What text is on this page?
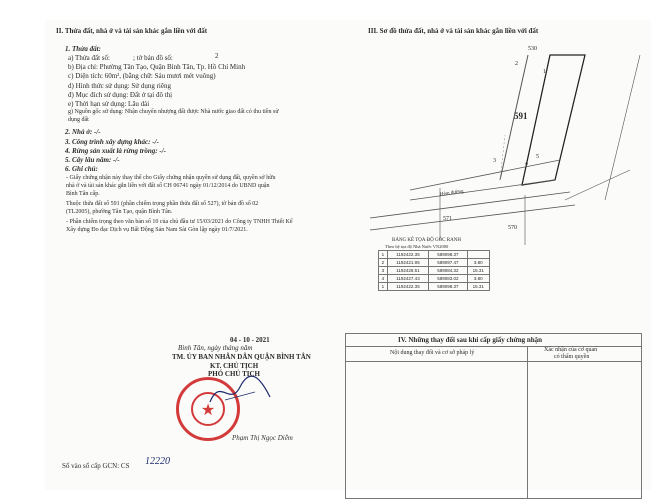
II. Thửa đất, nhà ở và tài sản khác gắn liền với đất
1. Thửa đất:
a) Thửa đất số:	; tờ bản đồ số:	2
b) Địa chỉ: Phường Tân Tạo, Quận Bình Tân, Tp. Hồ Chí Minh
c) Diện tích: 60m², (bằng chữ: Sáu mươi mét vuông)
d) Hình thức sử dụng: Sử dụng riêng
đ) Mục đích sử dụng: Đất ở tại đô thị
e) Thời hạn sử dụng: Lâu dài
g) Nguồn gốc sử dụng: Nhận chuyển nhượng đất được Nhà nước giao đất có thu tiền sử
dụng đất
2. Nhà ở: -/-
3. Công trình xây dựng khác: -/-
4. Rừng sản xuất là rừng trồng: -/-
5. Cây lâu năm: -/-
6. Ghi chú:
- Giấy chứng nhận này thay thế cho Giấy chứng nhận quyền sử dụng đất, quyền sở hữu
nhà ở và tài sản khác gắn liền với đất số CH 06741 ngày 01/12/2014 do UBND quận
Bình Tân cấp.
Thuộc thửa đất số 591 (phần chiếm trọng phần thửa đất số 527), tờ bản đồ số 02
(TL2005), phường Tân Tạo, quận Bình Tân.
- Phần chiếm trọng theo văn bản số 10 của chủ đầu tư 15/03/2021 do Công ty TNHH Thiết Kế
Xây dựng Đo đạc Dịch vụ Bất Động Sản Nam Sài Gòn lập ngày 01/7/2021.
04 - 10 - 2021
Bình Tân, ngày tháng năm
TM. ỦY BAN NHÂN DÂN QUẬN BÌNH TÂN
KT. CHỦ TỊCH
PHÓ CHỦ TỊCH
★
Phạm Thị Ngọc Diễm
Số vào sổ cấp GCN: CS 12220
III. Sơ đồ thửa đất, nhà ở và tài sản khác gắn liền với đất
530
591
571
570
1
2
3	4
5
Hẻm đường
BẢNG KÊ TỌA ĐỘ GÓC RANH
Theo hệ tọa độ Nhà Nước VN2000
1	1192422.35	589098.37	
2	1192421.95	589097.47	3.80
3	1192428.51	589084.32	15.31
4	1192427.43	589083.02	3.80
1	1192422.35	589098.37	15.31
IV. Những thay đổi sau khi cấp giấy chứng nhận
Nội dung thay đổi và cơ sở pháp lý	Xác nhận của cơ quan
có thẩm quyền
